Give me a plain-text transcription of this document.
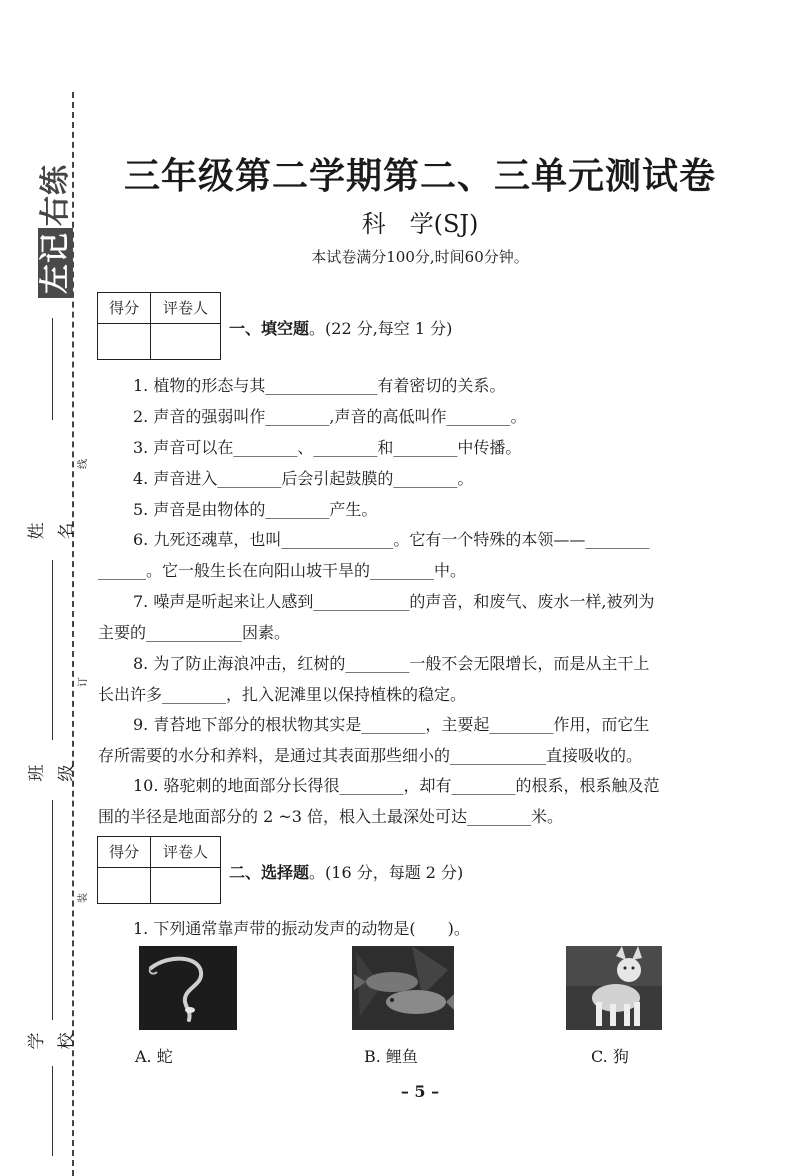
左记右练
姓名
班级
学校
线
订
装
三年级第二学期第二、三单元测试卷
科　学(SJ)
本试卷满分100分,时间60分钟。
得分	评卷人
一、填空题。(22 分,每空 1 分)
1. 植物的形态与其______________有着密切的关系。
2. 声音的强弱叫作________,声音的高低叫作________。
3. 声音可以在________、________和________中传播。
4. 声音进入________后会引起鼓膜的________。
5. 声音是由物体的________产生。
6. 九死还魂草，也叫______________。它有一个特殊的本领——________
______。它一般生长在向阳山坡干旱的________中。
7. 噪声是听起来让人感到____________的声音，和废气、废水一样,被列为
主要的____________因素。
8. 为了防止海浪冲击，红树的________一般不会无限增长，而是从主干上
长出许多________，扎入泥滩里以保持植株的稳定。
9. 青苔地下部分的根状物其实是________，主要起________作用，而它生
存所需要的水分和养料，是通过其表面那些细小的____________直接吸收的。
10. 骆驼刺的地面部分长得很________，却有________的根系，根系触及范
围的半径是地面部分的 2 ~3 倍，根入土最深处可达________米。
得分	评卷人
二、选择题。(16 分，每题 2 分)
1. 下列通常靠声带的振动发声的动物是(　　)。
A. 蛇	B. 鲤鱼	C. 狗
– 5 –
